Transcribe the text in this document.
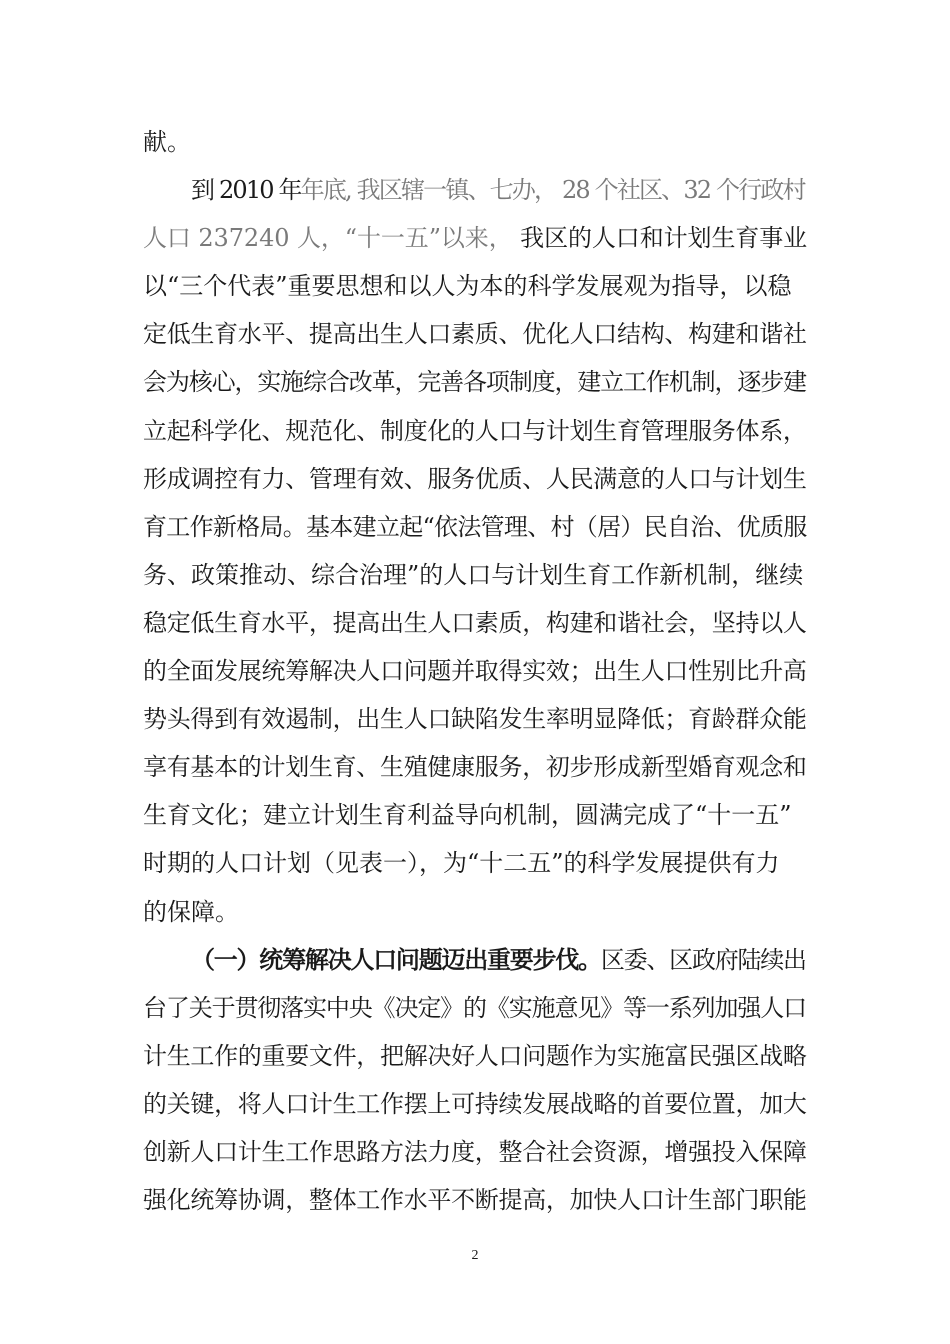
献。
到 2010 年年底, 我区辖一镇、七办， 28 个社区、32 个行政村
人口 237240 人，“十一五”以来， 我区的人口和计划生育事业
以“三个代表”重要思想和以人为本的科学发展观为指导，以稳
定低生育水平、提高出生人口素质、优化人口结构、构建和谐社
会为核心，实施综合改革，完善各项制度，建立工作机制，逐步建
立起科学化、规范化、制度化的人口与计划生育管理服务体系，
形成调控有力、管理有效、服务优质、人民满意的人口与计划生
育工作新格局。基本建立起“依法管理、村（居）民自治、优质服
务、政策推动、综合治理”的人口与计划生育工作新机制，继续
稳定低生育水平，提高出生人口素质，构建和谐社会，坚持以人
的全面发展统筹解决人口问题并取得实效；出生人口性别比升高
势头得到有效遏制，出生人口缺陷发生率明显降低；育龄群众能
享有基本的计划生育、生殖健康服务，初步形成新型婚育观念和
生育文化；建立计划生育利益导向机制，圆满完成了“十一五”
时期的人口计划（见表一），为“十二五”的科学发展提供有力
的保障。
（一）统筹解决人口问题迈出重要步伐。区委、区政府陆续出
台了关于贯彻落实中央《决定》的《实施意见》等一系列加强人口
计生工作的重要文件，把解决好人口问题作为实施富民强区战略
的关键，将人口计生工作摆上可持续发展战略的首要位置，加大
创新人口计生工作思路方法力度，整合社会资源，增强投入保障
强化统筹协调，整体工作水平不断提高，加快人口计生部门职能
2
